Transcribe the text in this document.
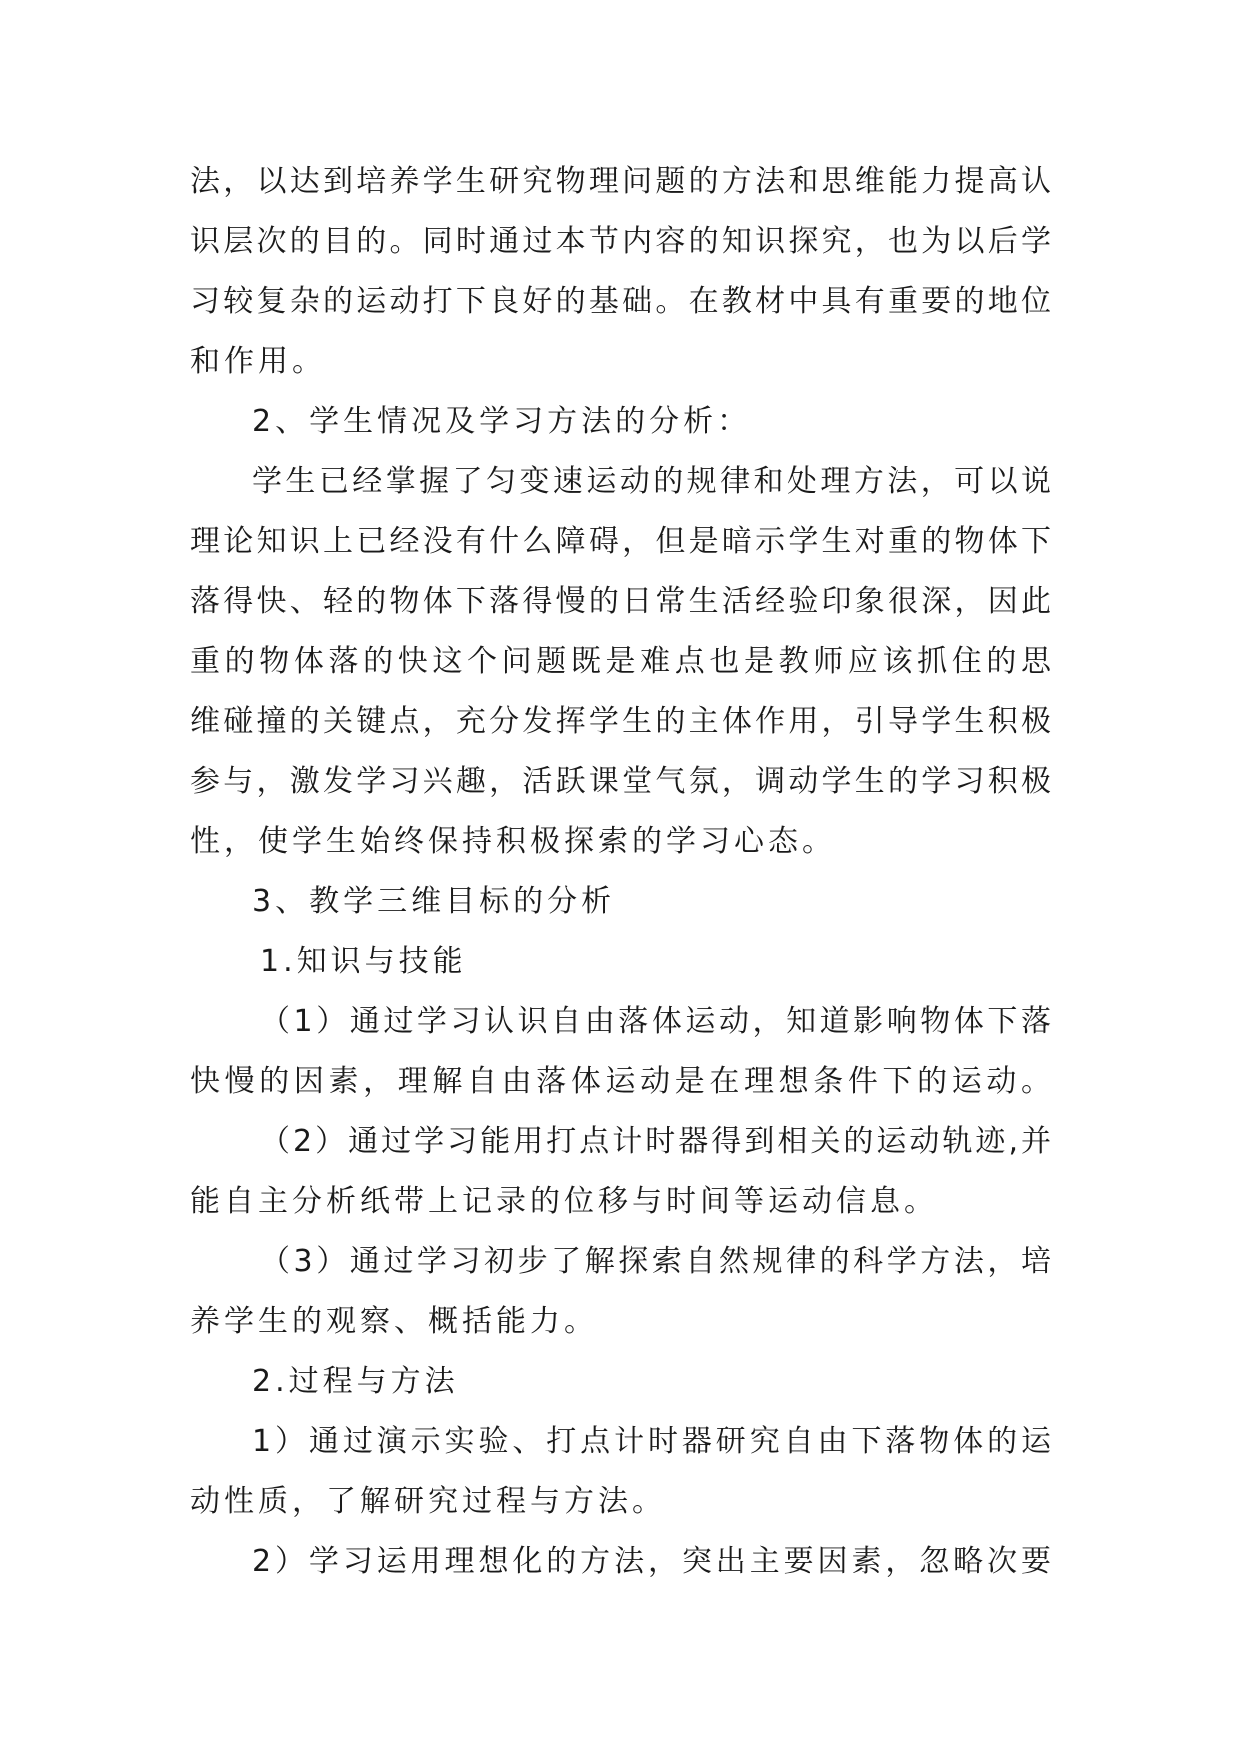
法，以达到培养学生研究物理问题的方法和思维能力提高认
识层次的目的。同时通过本节内容的知识探究，也为以后学
习较复杂的运动打下良好的基础。在教材中具有重要的地位
和作用。
2、学生情况及学习方法的分析：
学生已经掌握了匀变速运动的规律和处理方法，可以说
理论知识上已经没有什么障碍，但是暗示学生对重的物体下
落得快、轻的物体下落得慢的日常生活经验印象很深，因此
重的物体落的快这个问题既是难点也是教师应该抓住的思
维碰撞的关键点，充分发挥学生的主体作用，引导学生积极
参与，激发学习兴趣，活跃课堂气氛，调动学生的学习积极
性，使学生始终保持积极探索的学习心态。
3、教学三维目标的分析
1.知识与技能
（1）通过学习认识自由落体运动，知道影响物体下落
快慢的因素，理解自由落体运动是在理想条件下的运动。
（2）通过学习能用打点计时器得到相关的运动轨迹,并
能自主分析纸带上记录的位移与时间等运动信息。
（3）通过学习初步了解探索自然规律的科学方法，培
养学生的观察、概括能力。
2.过程与方法
1）通过演示实验、打点计时器研究自由下落物体的运
动性质，了解研究过程与方法。
2）学习运用理想化的方法，突出主要因素，忽略次要
